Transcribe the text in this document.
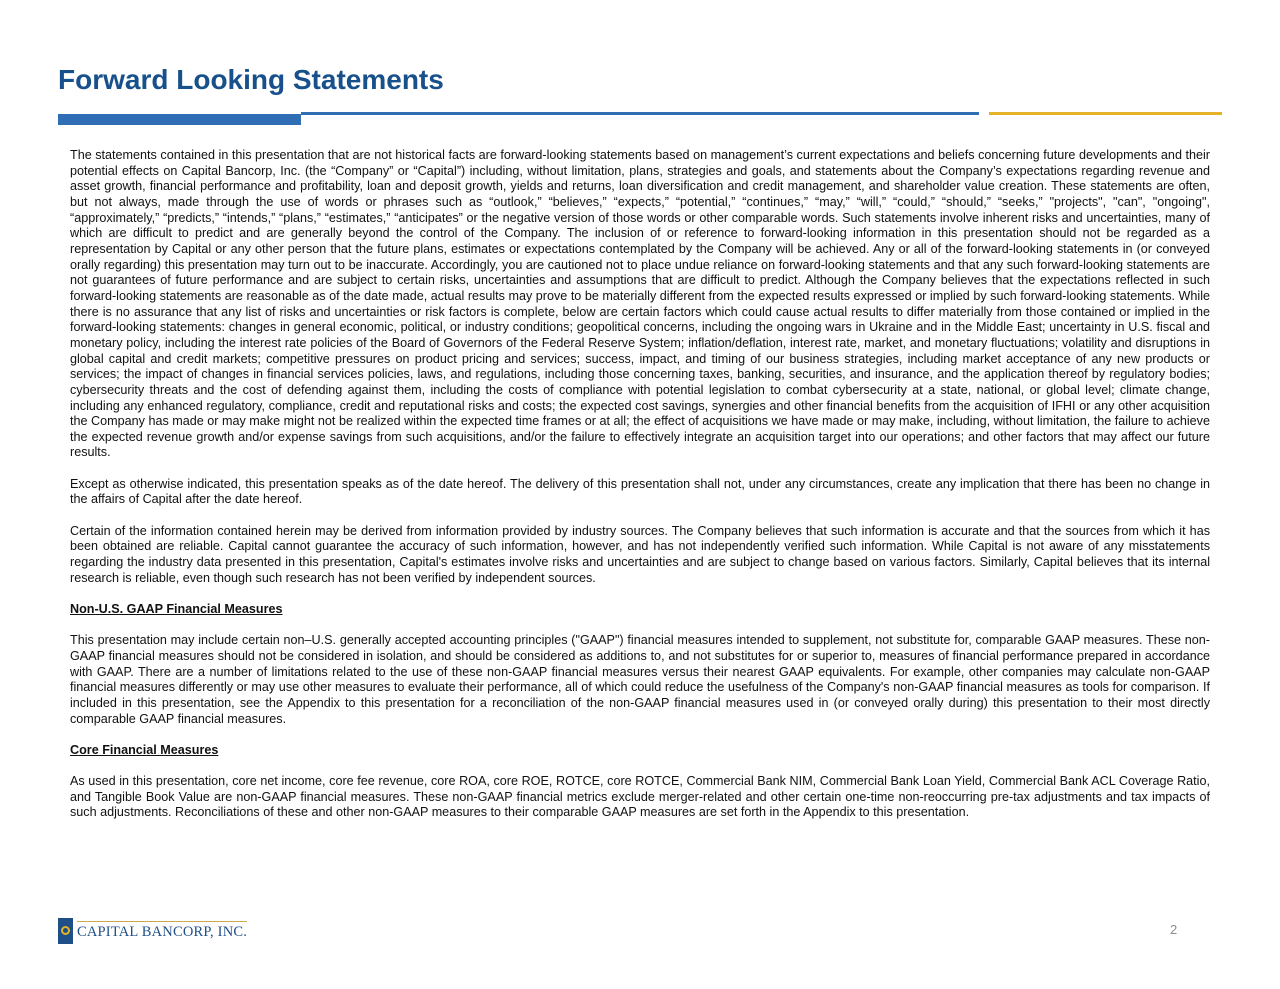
Forward Looking Statements

The statements contained in this presentation that are not historical facts are forward-looking statements based on management’s current expectations and beliefs concerning future developments and their potential effects on Capital Bancorp, Inc. (the “Company” or “Capital”) including, without limitation, plans, strategies and goals, and statements about the Company’s expectations regarding revenue and asset growth, financial performance and profitability, loan and deposit growth, yields and returns, loan diversification and credit management, and shareholder value creation. These statements are often, but not always, made through the use of words or phrases such as “outlook,” “believes,” “expects,” “potential,” “continues,” “may,” “will,” “could,” “should,” “seeks,” "projects", "can", "ongoing", “approximately,” “predicts,” “intends,” “plans,” “estimates,” “anticipates” or the negative version of those words or other comparable words. Such statements involve inherent risks and uncertainties, many of which are difficult to predict and are generally beyond the control of the Company. The inclusion of or reference to forward-looking information in this presentation should not be regarded as a representation by Capital or any other person that the future plans, estimates or expectations contemplated by the Company will be achieved. Any or all of the forward-looking statements in (or conveyed orally regarding) this presentation may turn out to be inaccurate. Accordingly, you are cautioned not to place undue reliance on forward-looking statements and that any such forward-looking statements are not guarantees of future performance and are subject to certain risks, uncertainties and assumptions that are difficult to predict. Although the Company believes that the expectations reflected in such forward-looking statements are reasonable as of the date made, actual results may prove to be materially different from the expected results expressed or implied by such forward-looking statements. While there is no assurance that any list of risks and uncertainties or risk factors is complete, below are certain factors which could cause actual results to differ materially from those contained or implied in the forward-looking statements: changes in general economic, political, or industry conditions; geopolitical concerns, including the ongoing wars in Ukraine and in the Middle East; uncertainty in U.S. fiscal and monetary policy, including the interest rate policies of the Board of Governors of the Federal Reserve System; inflation/deflation, interest rate, market, and monetary fluctuations; volatility and disruptions in global capital and credit markets; competitive pressures on product pricing and services; success, impact, and timing of our business strategies, including market acceptance of any new products or services; the impact of changes in financial services policies, laws, and regulations, including those concerning taxes, banking, securities, and insurance, and the application thereof by regulatory bodies; cybersecurity threats and the cost of defending against them, including the costs of compliance with potential legislation to combat cybersecurity at a state, national, or global level; climate change, including any enhanced regulatory, compliance, credit and reputational risks and costs; the expected cost savings, synergies and other financial benefits from the acquisition of IFHI or any other acquisition the Company has made or may make might not be realized within the expected time frames or at all; the effect of acquisitions we have made or may make, including, without limitation, the failure to achieve the expected revenue growth and/or expense savings from such acquisitions, and/or the failure to effectively integrate an acquisition target into our operations; and other factors that may affect our future results.

Except as otherwise indicated, this presentation speaks as of the date hereof. The delivery of this presentation shall not, under any circumstances, create any implication that there has been no change in the affairs of Capital after the date hereof.

Certain of the information contained herein may be derived from information provided by industry sources. The Company believes that such information is accurate and that the sources from which it has been obtained are reliable. Capital cannot guarantee the accuracy of such information, however, and has not independently verified such information. While Capital is not aware of any misstatements regarding the industry data presented in this presentation, Capital's estimates involve risks and uncertainties and are subject to change based on various factors. Similarly, Capital believes that its internal research is reliable, even though such research has not been verified by independent sources.

Non-U.S. GAAP Financial Measures

This presentation may include certain non–U.S. generally accepted accounting principles ("GAAP") financial measures intended to supplement, not substitute for, comparable GAAP measures. These non-GAAP financial measures should not be considered in isolation, and should be considered as additions to, and not substitutes for or superior to, measures of financial performance prepared in accordance with GAAP. There are a number of limitations related to the use of these non-GAAP financial measures versus their nearest GAAP equivalents. For example, other companies may calculate non-GAAP financial measures differently or may use other measures to evaluate their performance, all of which could reduce the usefulness of the Company's non-GAAP financial measures as tools for comparison. If included in this presentation, see the Appendix to this presentation for a reconciliation of the non-GAAP financial measures used in (or conveyed orally during) this presentation to their most directly comparable GAAP financial measures.

Core Financial Measures

As used in this presentation, core net income, core fee revenue, core ROA, core ROE, ROTCE, core ROTCE, Commercial Bank NIM, Commercial Bank Loan Yield, Commercial Bank ACL Coverage Ratio, and Tangible Book Value are non-GAAP financial measures. These non-GAAP financial metrics exclude merger-related and other certain one-time non-reoccurring pre-tax adjustments and tax impacts of such adjustments. Reconciliations of these and other non-GAAP measures to their comparable GAAP measures are set forth in the Appendix to this presentation.

CAPITAL BANCORP, INC.	2
